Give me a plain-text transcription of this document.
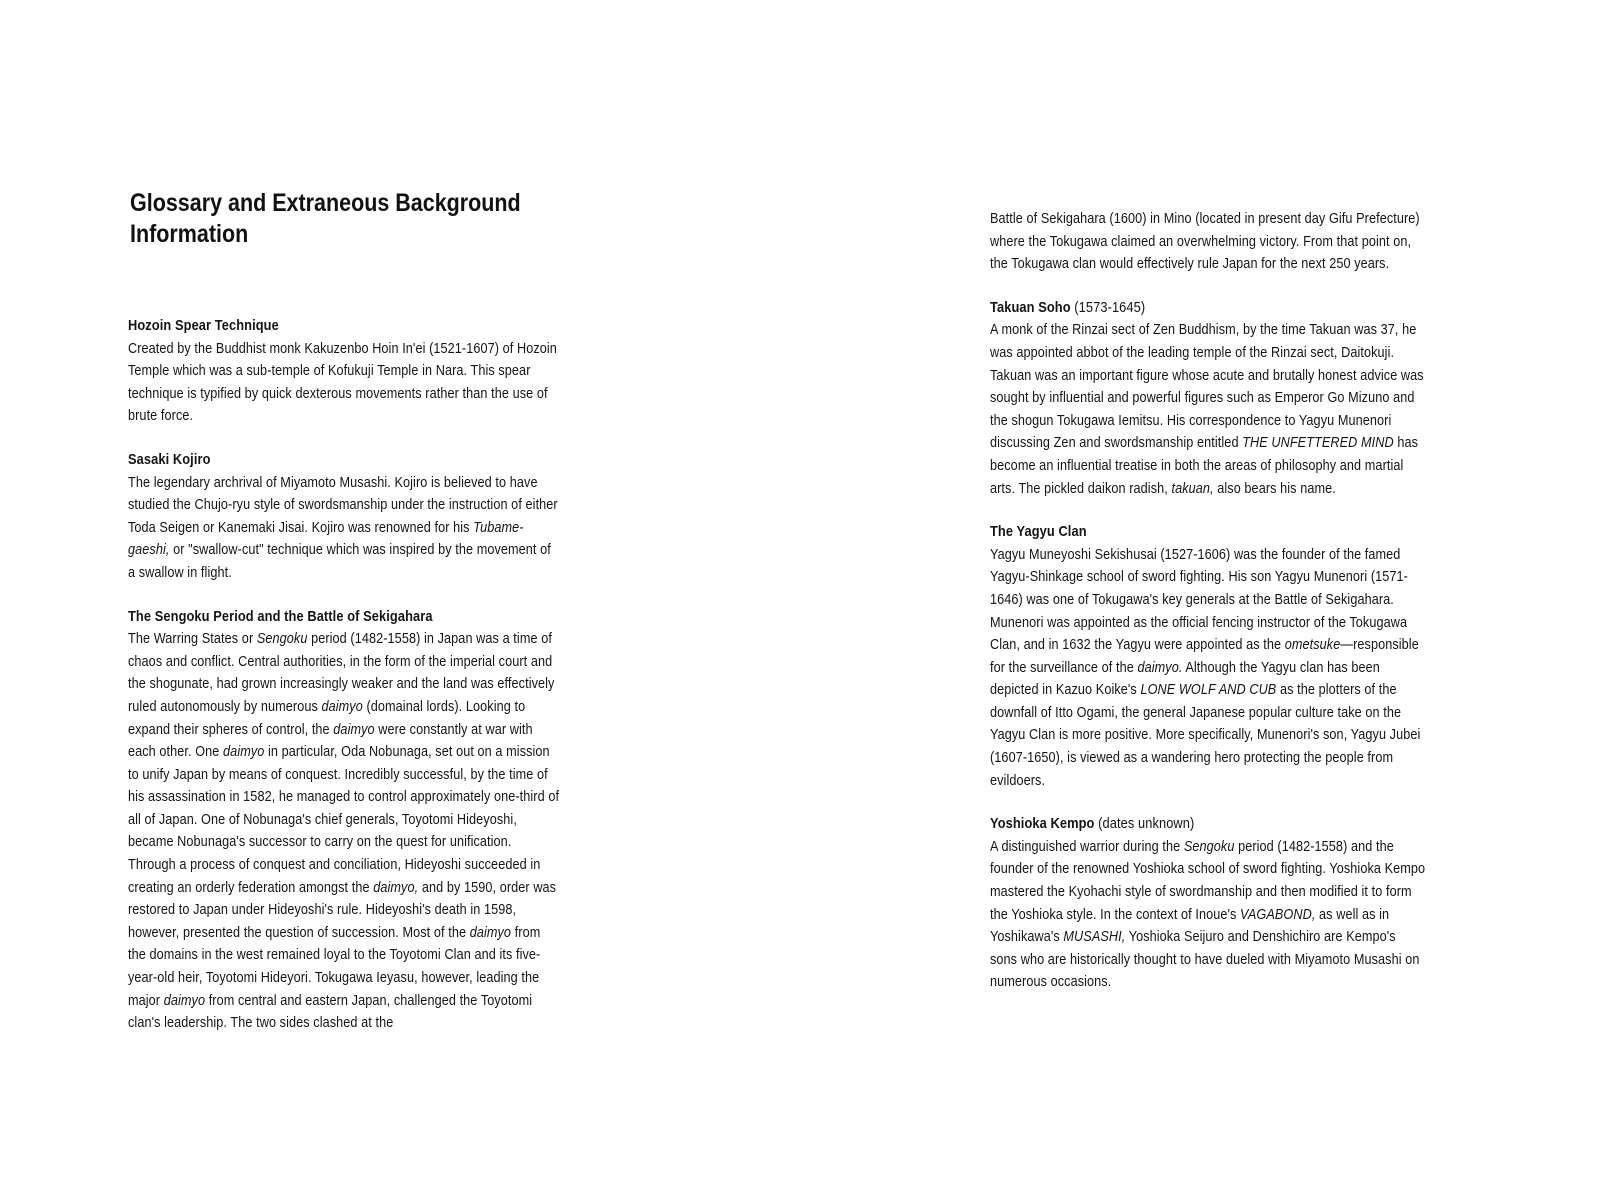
Glossary and Extraneous Background Information

Hozoin Spear Technique

Created by the Buddhist monk Kakuzenbo Hoin In'ei (1521-1607) of Hozoin Temple which was a sub-temple of Kofukuji Temple in Nara. This spear technique is typified by quick dexterous movements rather than the use of brute force.

Sasaki Kojiro

The legendary archrival of Miyamoto Musashi. Kojiro is believed to have studied the Chujo-ryu style of swordsmanship under the instruction of either Toda Seigen or Kanemaki Jisai. Kojiro was renowned for his Tubame-gaeshi, or "swallow-cut" technique which was inspired by the movement of a swallow in flight.

The Sengoku Period and the Battle of Sekigahara

The Warring States or Sengoku period (1482-1558) in Japan was a time of chaos and conflict. Central authorities, in the form of the imperial court and the shogunate, had grown increasingly weaker and the land was effectively ruled autonomously by numerous daimyo (domainal lords). Looking to expand their spheres of control, the daimyo were constantly at war with each other. One daimyo in particular, Oda Nobunaga, set out on a mission to unify Japan by means of conquest. Incredibly successful, by the time of his assassination in 1582, he managed to control approximately one-third of all of Japan. One of Nobunaga's chief generals, Toyotomi Hideyoshi, became Nobunaga's successor to carry on the quest for unification. Through a process of conquest and conciliation, Hideyoshi succeeded in creating an orderly federation amongst the daimyo, and by 1590, order was restored to Japan under Hideyoshi's rule. Hideyoshi's death in 1598, however, presented the question of succession. Most of the daimyo from the domains in the west remained loyal to the Toyotomi Clan and its five-year-old heir, Toyotomi Hideyori. Tokugawa Ieyasu, however, leading the major daimyo from central and eastern Japan, challenged the Toyotomi clan's leadership. The two sides clashed at the

Battle of Sekigahara (1600) in Mino (located in present day Gifu Prefecture) where the Tokugawa claimed an overwhelming victory. From that point on, the Tokugawa clan would effectively rule Japan for the next 250 years.

Takuan Soho (1573-1645)

A monk of the Rinzai sect of Zen Buddhism, by the time Takuan was 37, he was appointed abbot of the leading temple of the Rinzai sect, Daitokuji. Takuan was an important figure whose acute and brutally honest advice was sought by influential and powerful figures such as Emperor Go Mizuno and the shogun Tokugawa Iemitsu. His correspondence to Yagyu Munenori discussing Zen and swordsmanship entitled THE UNFETTERED MIND has become an influential treatise in both the areas of philosophy and martial arts. The pickled daikon radish, takuan, also bears his name.

The Yagyu Clan

Yagyu Muneyoshi Sekishusai (1527-1606) was the founder of the famed Yagyu-Shinkage school of sword fighting. His son Yagyu Munenori (1571-1646) was one of Tokugawa's key generals at the Battle of Sekigahara. Munenori was appointed as the official fencing instructor of the Tokugawa Clan, and in 1632 the Yagyu were appointed as the ometsuke—responsible for the surveillance of the daimyo. Although the Yagyu clan has been depicted in Kazuo Koike's LONE WOLF AND CUB as the plotters of the downfall of Itto Ogami, the general Japanese popular culture take on the Yagyu Clan is more positive. More specifically, Munenori's son, Yagyu Jubei (1607-1650), is viewed as a wandering hero protecting the people from evildoers.

Yoshioka Kempo (dates unknown)

A distinguished warrior during the Sengoku period (1482-1558) and the founder of the renowned Yoshioka school of sword fighting. Yoshioka Kempo mastered the Kyohachi style of swordmanship and then modified it to form the Yoshioka style. In the context of Inoue's VAGABOND, as well as in Yoshikawa's MUSASHI, Yoshioka Seijuro and Denshichiro are Kempo's sons who are historically thought to have dueled with Miyamoto Musashi on numerous occasions.
